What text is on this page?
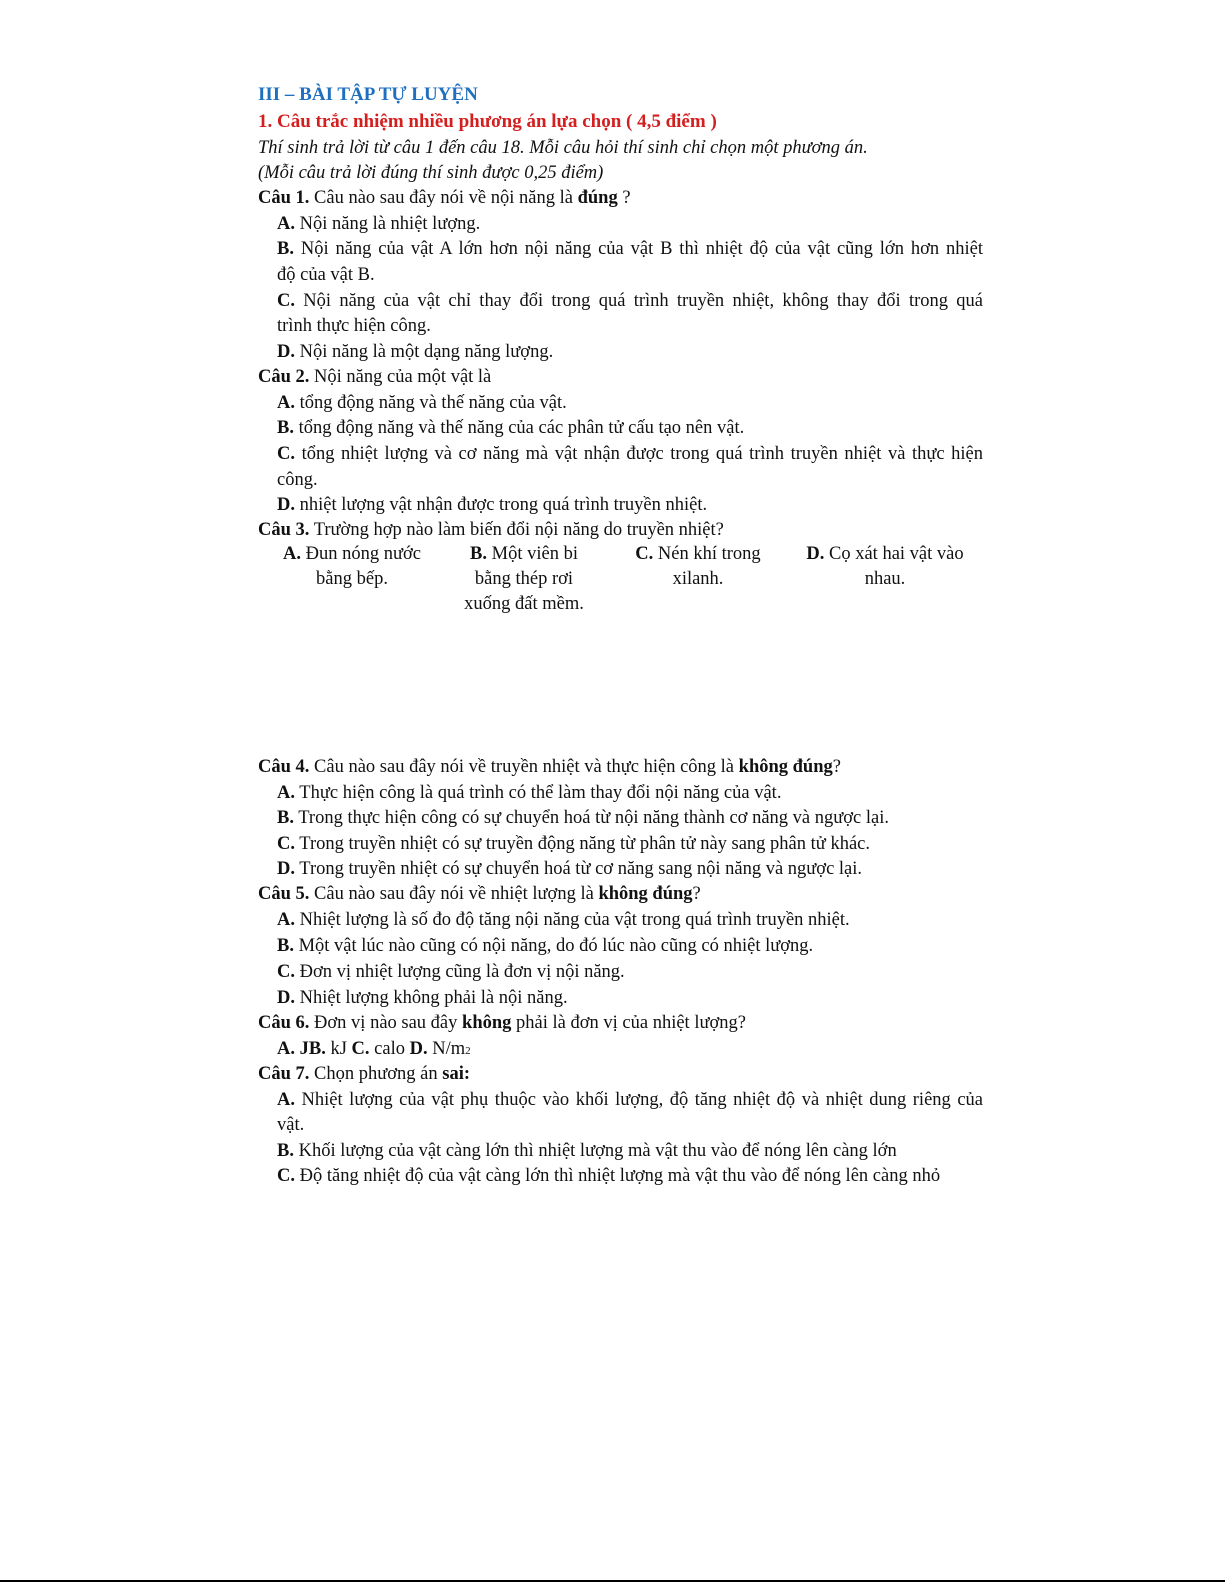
III – BÀI TẬP TỰ LUYỆN
1. Câu trắc nhiệm nhiều phương án lựa chọn ( 4,5 điểm )
Thí sinh trả lời từ câu 1 đến câu 18. Mỗi câu hỏi thí sinh chỉ chọn một phương án.
(Mỗi câu trả lời đúng thí sinh được 0,25 điểm)
Câu 1. Câu nào sau đây nói về nội năng là đúng ?
A. Nội năng là nhiệt lượng.
B. Nội năng của vật A lớn hơn nội năng của vật B thì nhiệt độ của vật cũng lớn hơn nhiệt
độ của vật B.
C. Nội năng của vật chỉ thay đổi trong quá trình truyền nhiệt, không thay đổi trong quá
trình thực hiện công.
D. Nội năng là một dạng năng lượng.
Câu 2. Nội năng của một vật là
A. tổng động năng và thế năng của vật.
B. tổng động năng và thế năng của các phân tử cấu tạo nên vật.
C. tổng nhiệt lượng và cơ năng mà vật nhận được trong quá trình truyền nhiệt và thực hiện
công.
D. nhiệt lượng vật nhận được trong quá trình truyền nhiệt.
Câu 3. Trường hợp nào làm biến đổi nội năng do truyền nhiệt?
A. Đun nóng nước
bằng bếp.
B. Một viên bi
bằng thép rơi
xuống đất mềm.
C. Nén khí trong
xilanh.
D. Cọ xát hai vật vào
nhau.
Câu 4. Câu nào sau đây nói về truyền nhiệt và thực hiện công là không đúng?
A. Thực hiện công là quá trình có thể làm thay đổi nội năng của vật.
B. Trong thực hiện công có sự chuyển hoá từ nội năng thành cơ năng và ngược lại.
C. Trong truyền nhiệt có sự truyền động năng từ phân tử này sang phân tử khác.
D. Trong truyền nhiệt có sự chuyển hoá từ cơ năng sang nội năng và ngược lại.
Câu 5. Câu nào sau đây nói về nhiệt lượng là không đúng?
A. Nhiệt lượng là số đo độ tăng nội năng của vật trong quá trình truyền nhiệt.
B. Một vật lúc nào cũng có nội năng, do đó lúc nào cũng có nhiệt lượng.
C. Đơn vị nhiệt lượng cũng là đơn vị nội năng.
D. Nhiệt lượng không phải là nội năng.
Câu 6. Đơn vị nào sau đây không phải là đơn vị của nhiệt lượng?
A. JB. kJ C. calo D. N/m2
Câu 7. Chọn phương án sai:
A. Nhiệt lượng của vật phụ thuộc vào khối lượng, độ tăng nhiệt độ và nhiệt dung riêng của
vật.
B. Khối lượng của vật càng lớn thì nhiệt lượng mà vật thu vào để nóng lên càng lớn
C. Độ tăng nhiệt độ của vật càng lớn thì nhiệt lượng mà vật thu vào để nóng lên càng nhỏ
